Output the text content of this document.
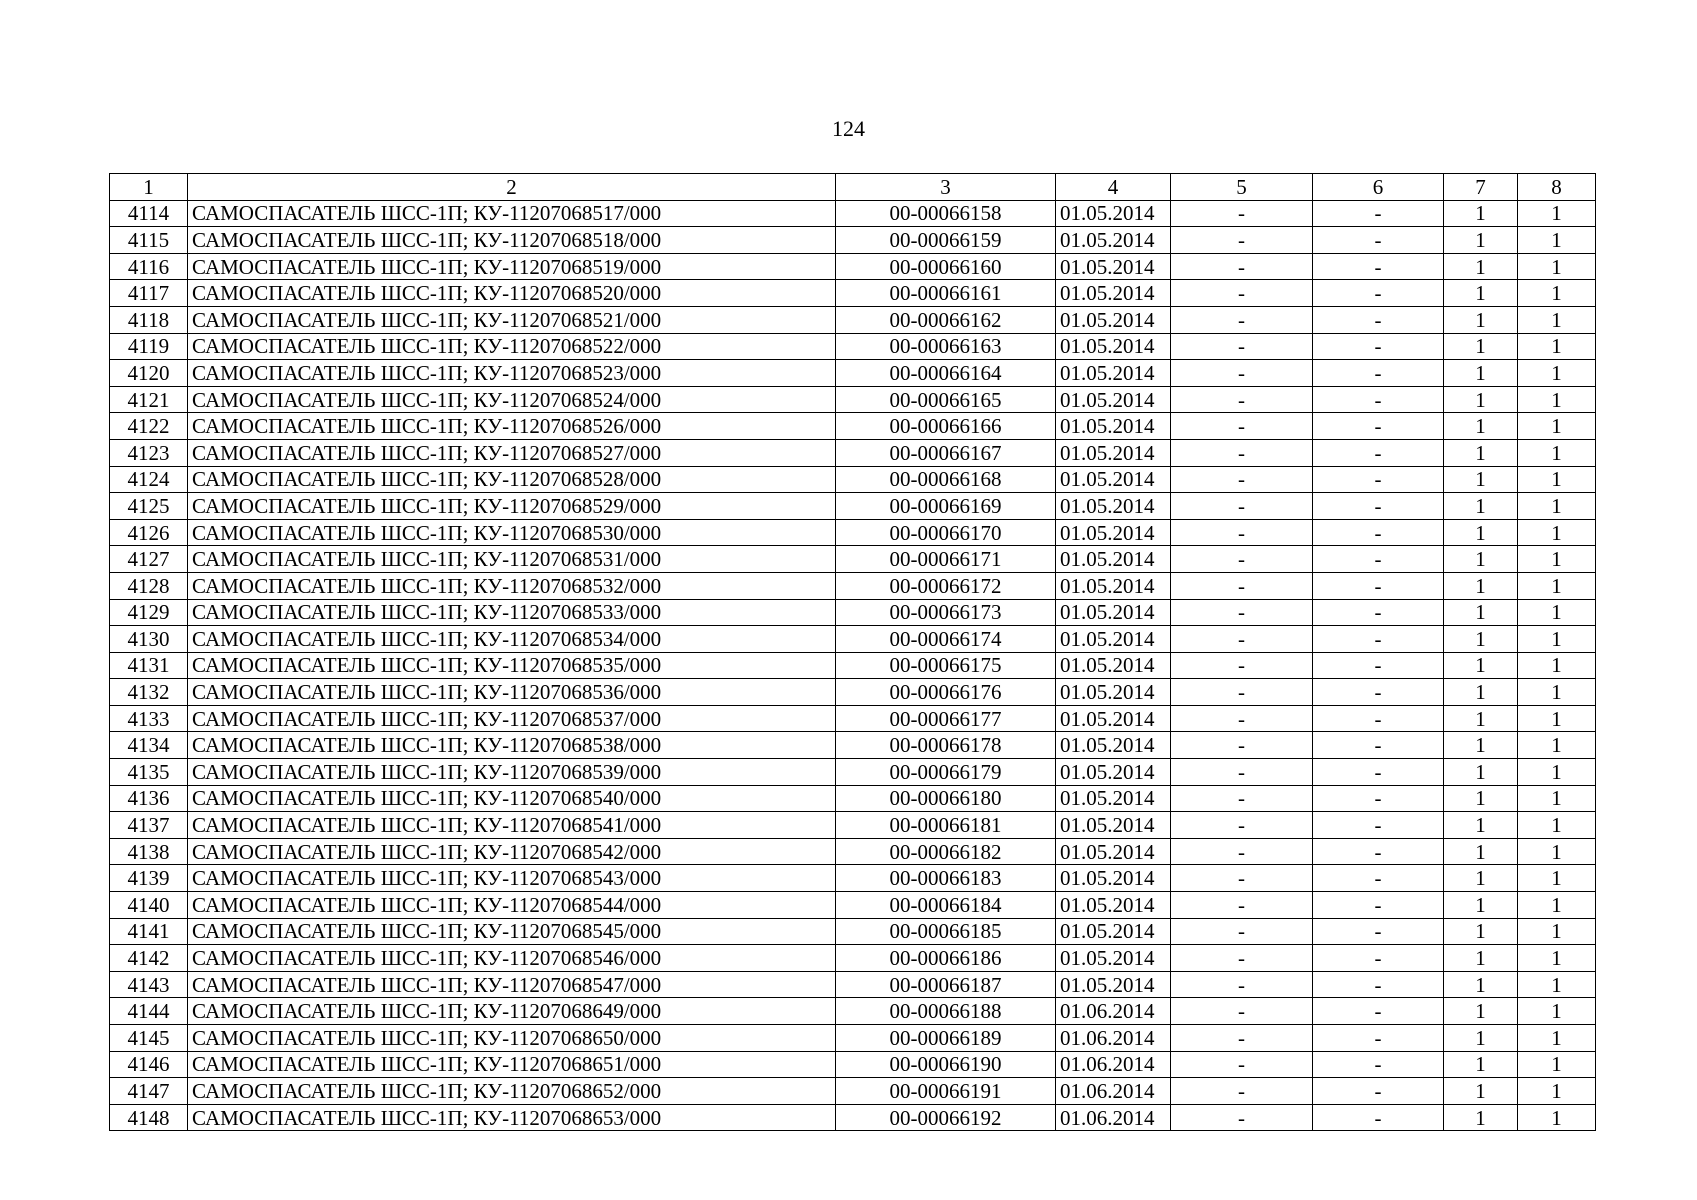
124
1	2	3	4	5	6	7	8
4114	САМОСПАСАТЕЛЬ ШСС-1П; КУ-11207068517/000	00-00066158	01.05.2014	-	-	1	1
4115	САМОСПАСАТЕЛЬ ШСС-1П; КУ-11207068518/000	00-00066159	01.05.2014	-	-	1	1
4116	САМОСПАСАТЕЛЬ ШСС-1П; КУ-11207068519/000	00-00066160	01.05.2014	-	-	1	1
4117	САМОСПАСАТЕЛЬ ШСС-1П; КУ-11207068520/000	00-00066161	01.05.2014	-	-	1	1
4118	САМОСПАСАТЕЛЬ ШСС-1П; КУ-11207068521/000	00-00066162	01.05.2014	-	-	1	1
4119	САМОСПАСАТЕЛЬ ШСС-1П; КУ-11207068522/000	00-00066163	01.05.2014	-	-	1	1
4120	САМОСПАСАТЕЛЬ ШСС-1П; КУ-11207068523/000	00-00066164	01.05.2014	-	-	1	1
4121	САМОСПАСАТЕЛЬ ШСС-1П; КУ-11207068524/000	00-00066165	01.05.2014	-	-	1	1
4122	САМОСПАСАТЕЛЬ ШСС-1П; КУ-11207068526/000	00-00066166	01.05.2014	-	-	1	1
4123	САМОСПАСАТЕЛЬ ШСС-1П; КУ-11207068527/000	00-00066167	01.05.2014	-	-	1	1
4124	САМОСПАСАТЕЛЬ ШСС-1П; КУ-11207068528/000	00-00066168	01.05.2014	-	-	1	1
4125	САМОСПАСАТЕЛЬ ШСС-1П; КУ-11207068529/000	00-00066169	01.05.2014	-	-	1	1
4126	САМОСПАСАТЕЛЬ ШСС-1П; КУ-11207068530/000	00-00066170	01.05.2014	-	-	1	1
4127	САМОСПАСАТЕЛЬ ШСС-1П; КУ-11207068531/000	00-00066171	01.05.2014	-	-	1	1
4128	САМОСПАСАТЕЛЬ ШСС-1П; КУ-11207068532/000	00-00066172	01.05.2014	-	-	1	1
4129	САМОСПАСАТЕЛЬ ШСС-1П; КУ-11207068533/000	00-00066173	01.05.2014	-	-	1	1
4130	САМОСПАСАТЕЛЬ ШСС-1П; КУ-11207068534/000	00-00066174	01.05.2014	-	-	1	1
4131	САМОСПАСАТЕЛЬ ШСС-1П; КУ-11207068535/000	00-00066175	01.05.2014	-	-	1	1
4132	САМОСПАСАТЕЛЬ ШСС-1П; КУ-11207068536/000	00-00066176	01.05.2014	-	-	1	1
4133	САМОСПАСАТЕЛЬ ШСС-1П; КУ-11207068537/000	00-00066177	01.05.2014	-	-	1	1
4134	САМОСПАСАТЕЛЬ ШСС-1П; КУ-11207068538/000	00-00066178	01.05.2014	-	-	1	1
4135	САМОСПАСАТЕЛЬ ШСС-1П; КУ-11207068539/000	00-00066179	01.05.2014	-	-	1	1
4136	САМОСПАСАТЕЛЬ ШСС-1П; КУ-11207068540/000	00-00066180	01.05.2014	-	-	1	1
4137	САМОСПАСАТЕЛЬ ШСС-1П; КУ-11207068541/000	00-00066181	01.05.2014	-	-	1	1
4138	САМОСПАСАТЕЛЬ ШСС-1П; КУ-11207068542/000	00-00066182	01.05.2014	-	-	1	1
4139	САМОСПАСАТЕЛЬ ШСС-1П; КУ-11207068543/000	00-00066183	01.05.2014	-	-	1	1
4140	САМОСПАСАТЕЛЬ ШСС-1П; КУ-11207068544/000	00-00066184	01.05.2014	-	-	1	1
4141	САМОСПАСАТЕЛЬ ШСС-1П; КУ-11207068545/000	00-00066185	01.05.2014	-	-	1	1
4142	САМОСПАСАТЕЛЬ ШСС-1П; КУ-11207068546/000	00-00066186	01.05.2014	-	-	1	1
4143	САМОСПАСАТЕЛЬ ШСС-1П; КУ-11207068547/000	00-00066187	01.05.2014	-	-	1	1
4144	САМОСПАСАТЕЛЬ ШСС-1П; КУ-11207068649/000	00-00066188	01.06.2014	-	-	1	1
4145	САМОСПАСАТЕЛЬ ШСС-1П; КУ-11207068650/000	00-00066189	01.06.2014	-	-	1	1
4146	САМОСПАСАТЕЛЬ ШСС-1П; КУ-11207068651/000	00-00066190	01.06.2014	-	-	1	1
4147	САМОСПАСАТЕЛЬ ШСС-1П; КУ-11207068652/000	00-00066191	01.06.2014	-	-	1	1
4148	САМОСПАСАТЕЛЬ ШСС-1П; КУ-11207068653/000	00-00066192	01.06.2014	-	-	1	1
